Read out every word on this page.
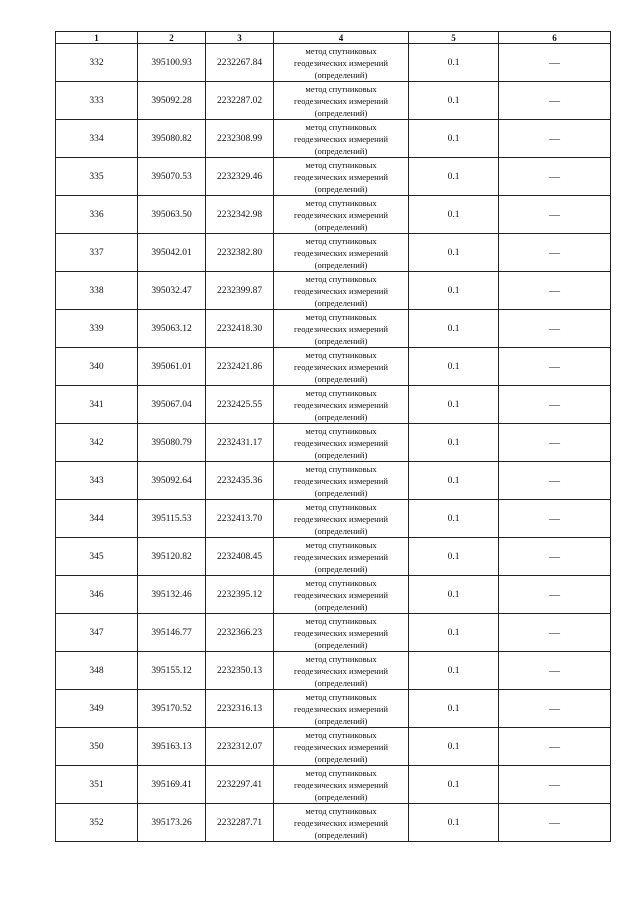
1	2	3	4	5	6
332	395100.93	2232267.84	метод спутниковых
геодезических измерений
(определений)	0.1	—
333	395092.28	2232287.02	метод спутниковых
геодезических измерений
(определений)	0.1	—
334	395080.82	2232308.99	метод спутниковых
геодезических измерений
(определений)	0.1	—
335	395070.53	2232329.46	метод спутниковых
геодезических измерений
(определений)	0.1	—
336	395063.50	2232342.98	метод спутниковых
геодезических измерений
(определений)	0.1	—
337	395042.01	2232382.80	метод спутниковых
геодезических измерений
(определений)	0.1	—
338	395032.47	2232399.87	метод спутниковых
геодезических измерений
(определений)	0.1	—
339	395063.12	2232418.30	метод спутниковых
геодезических измерений
(определений)	0.1	—
340	395061.01	2232421.86	метод спутниковых
геодезических измерений
(определений)	0.1	—
341	395067.04	2232425.55	метод спутниковых
геодезических измерений
(определений)	0.1	—
342	395080.79	2232431.17	метод спутниковых
геодезических измерений
(определений)	0.1	—
343	395092.64	2232435.36	метод спутниковых
геодезических измерений
(определений)	0.1	—
344	395115.53	2232413.70	метод спутниковых
геодезических измерений
(определений)	0.1	—
345	395120.82	2232408.45	метод спутниковых
геодезических измерений
(определений)	0.1	—
346	395132.46	2232395.12	метод спутниковых
геодезических измерений
(определений)	0.1	—
347	395146.77	2232366.23	метод спутниковых
геодезических измерений
(определений)	0.1	—
348	395155.12	2232350.13	метод спутниковых
геодезических измерений
(определений)	0.1	—
349	395170.52	2232316.13	метод спутниковых
геодезических измерений
(определений)	0.1	—
350	395163.13	2232312.07	метод спутниковых
геодезических измерений
(определений)	0.1	—
351	395169.41	2232297.41	метод спутниковых
геодезических измерений
(определений)	0.1	—
352	395173.26	2232287.71	метод спутниковых
геодезических измерений
(определений)	0.1	—
